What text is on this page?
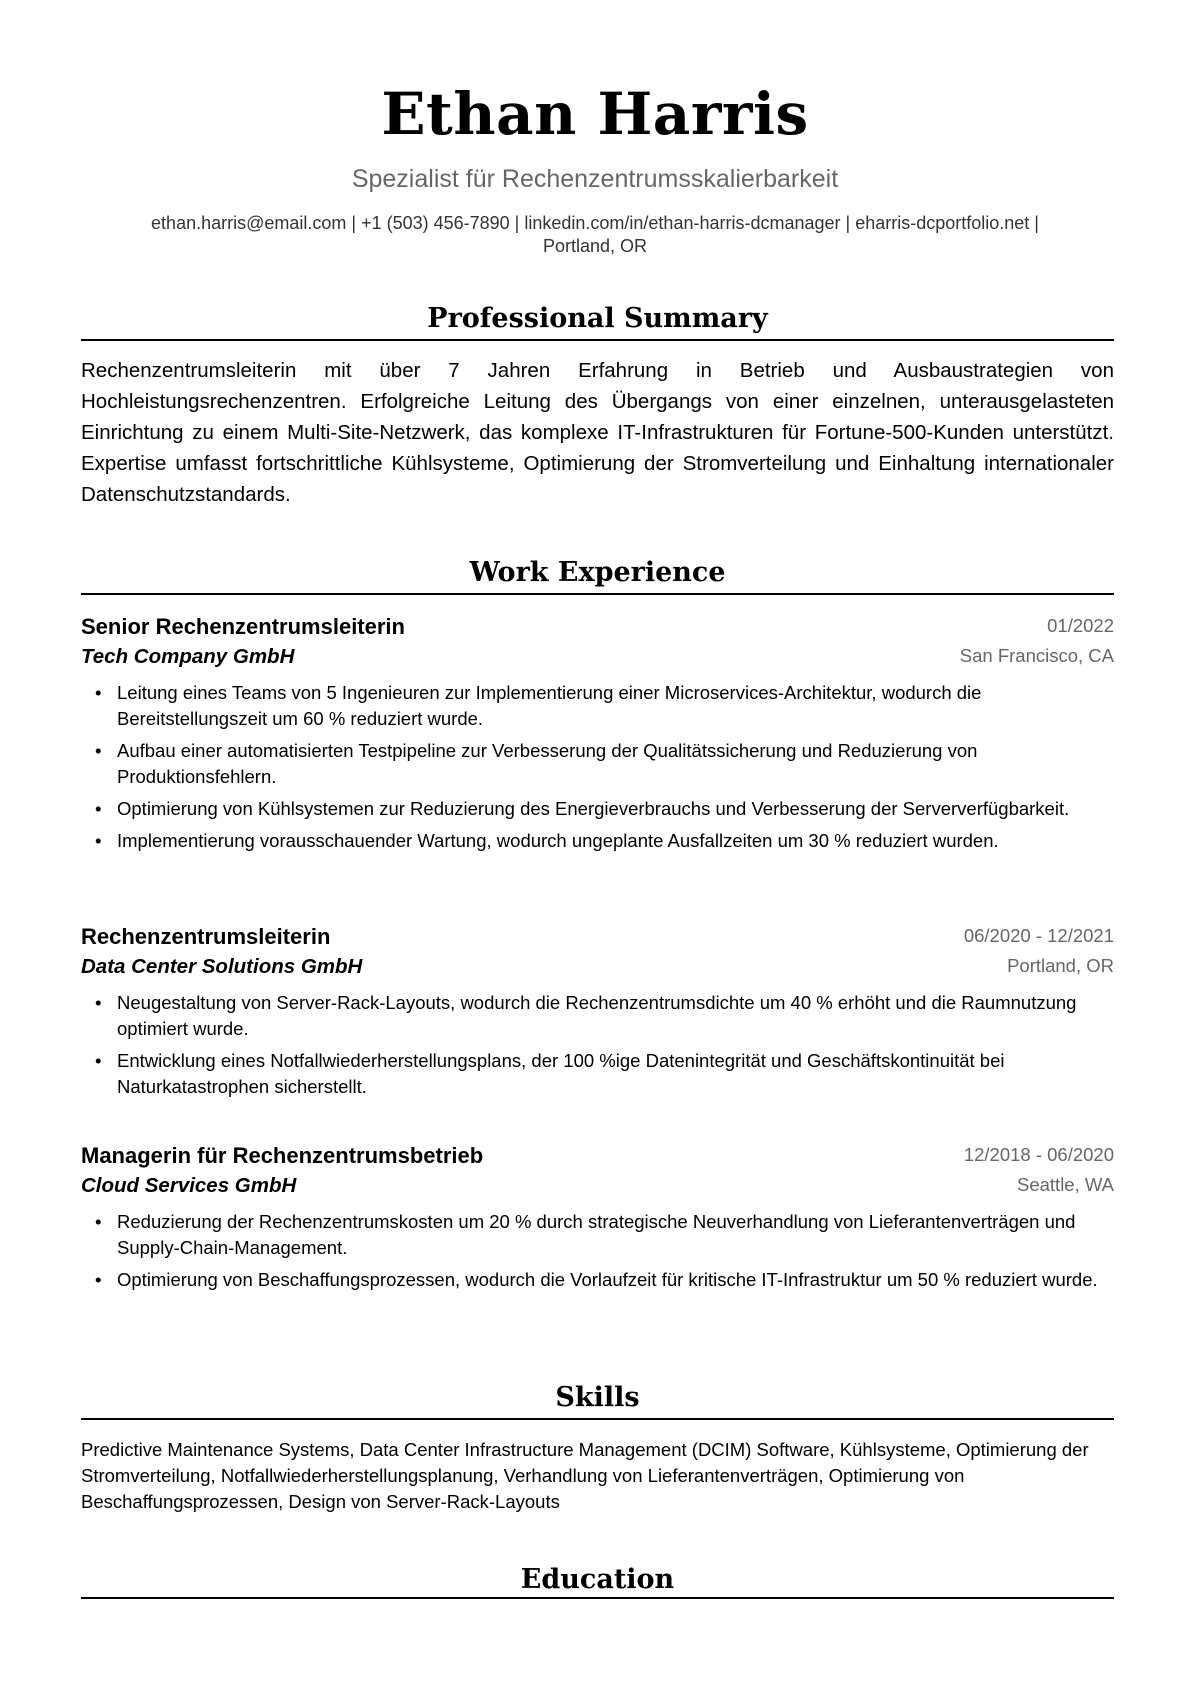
Ethan Harris
Spezialist für Rechenzentrumsskalierbarkeit
ethan.harris@email.com | +1 (503) 456-7890 | linkedin.com/in/ethan-harris-dcmanager | eharris-dcportfolio.net |
Portland, OR
Professional Summary

Rechenzentrumsleiterin mit über 7 Jahren Erfahrung in Betrieb und Ausbaustrategien von Hochleistungsrechenzentren. Erfolgreiche Leitung des Übergangs von einer einzelnen, unterausgelasteten Einrichtung zu einem Multi-Site-Netzwerk, das komplexe IT-Infrastrukturen für Fortune-500-Kunden unterstützt. Expertise umfasst fortschrittliche Kühlsysteme, Optimierung der Stromverteilung und Einhaltung internationaler Datenschutzstandards.

Work Experience
Senior Rechenzentrumsleiterin	01/2022
Tech Company GmbH	San Francisco, CA
• Leitung eines Teams von 5 Ingenieuren zur Implementierung einer Microservices-Architektur, wodurch die Bereitstellungszeit um 60 % reduziert wurde.
• Aufbau einer automatisierten Testpipeline zur Verbesserung der Qualitätssicherung und Reduzierung von Produktionsfehlern.
• Optimierung von Kühlsystemen zur Reduzierung des Energieverbrauchs und Verbesserung der Serververfügbarkeit.
• Implementierung vorausschauender Wartung, wodurch ungeplante Ausfallzeiten um 30 % reduziert wurden.
Rechenzentrumsleiterin	06/2020 - 12/2021
Data Center Solutions GmbH	Portland, OR
• Neugestaltung von Server-Rack-Layouts, wodurch die Rechenzentrumsdichte um 40 % erhöht und die Raumnutzung optimiert wurde.
• Entwicklung eines Notfallwiederherstellungsplans, der 100 %ige Datenintegrität und Geschäftskontinuität bei Naturkatastrophen sicherstellt.
Managerin für Rechenzentrumsbetrieb	12/2018 - 06/2020
Cloud Services GmbH	Seattle, WA
• Reduzierung der Rechenzentrumskosten um 20 % durch strategische Neuverhandlung von Lieferantenverträgen und Supply-Chain-Management.
• Optimierung von Beschaffungsprozessen, wodurch die Vorlaufzeit für kritische IT-Infrastruktur um 50 % reduziert wurde.
Skills

Predictive Maintenance Systems, Data Center Infrastructure Management (DCIM) Software, Kühlsysteme, Optimierung der Stromverteilung, Notfallwiederherstellungsplanung, Verhandlung von Lieferantenverträgen, Optimierung von Beschaffungsprozessen, Design von Server-Rack-Layouts

Education
